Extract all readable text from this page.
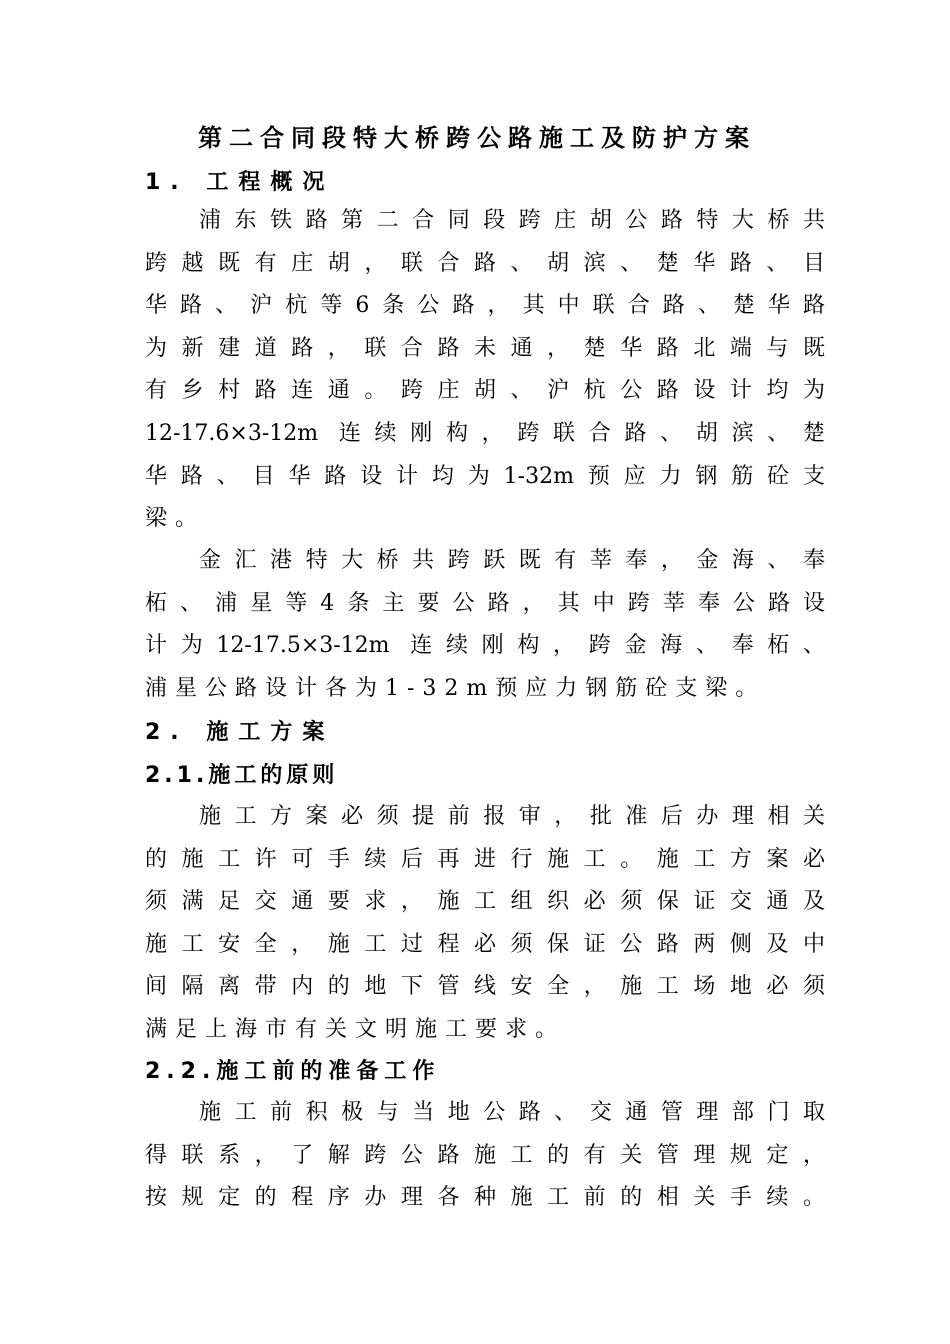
第二合同段特大桥跨公路施工及防护方案
1. 工程概况
浦东铁路第二合同段跨庄胡公路特大桥共
跨越既有庄胡，联合路、胡滨、楚华路、目
华路、沪杭等6条公路，其中联合路、楚华路
为新建道路，联合路未通，楚华路北端与既
有乡村路连通。跨庄胡、沪杭公路设计均为
12-17.6×3-12m 连续刚构，跨联合路、胡滨、楚
华路、目华路设计均为1-32m预应力钢筋砼支
梁。
金汇港特大桥共跨跃既有莘奉，金海、奉
柘、浦星等4条主要公路，其中跨莘奉公路设
计为12-17.5×3-12m 连续刚构，跨金海、奉柘、
浦星公路设计各为1-32m预应力钢筋砼支梁。
2. 施工方案
2.1.施工的原则
施工方案必须提前报审，批准后办理相关
的施工许可手续后再进行施工。施工方案必
须满足交通要求，施工组织必须保证交通及
施工安全，施工过程必须保证公路两侧及中
间隔离带内的地下管线安全，施工场地必须
满足上海市有关文明施工要求。
2.2.施工前的准备工作
施工前积极与当地公路、交通管理部门取
得联系，了解跨公路施工的有关管理规定，
按规定的程序办理各种施工前的相关手续。
